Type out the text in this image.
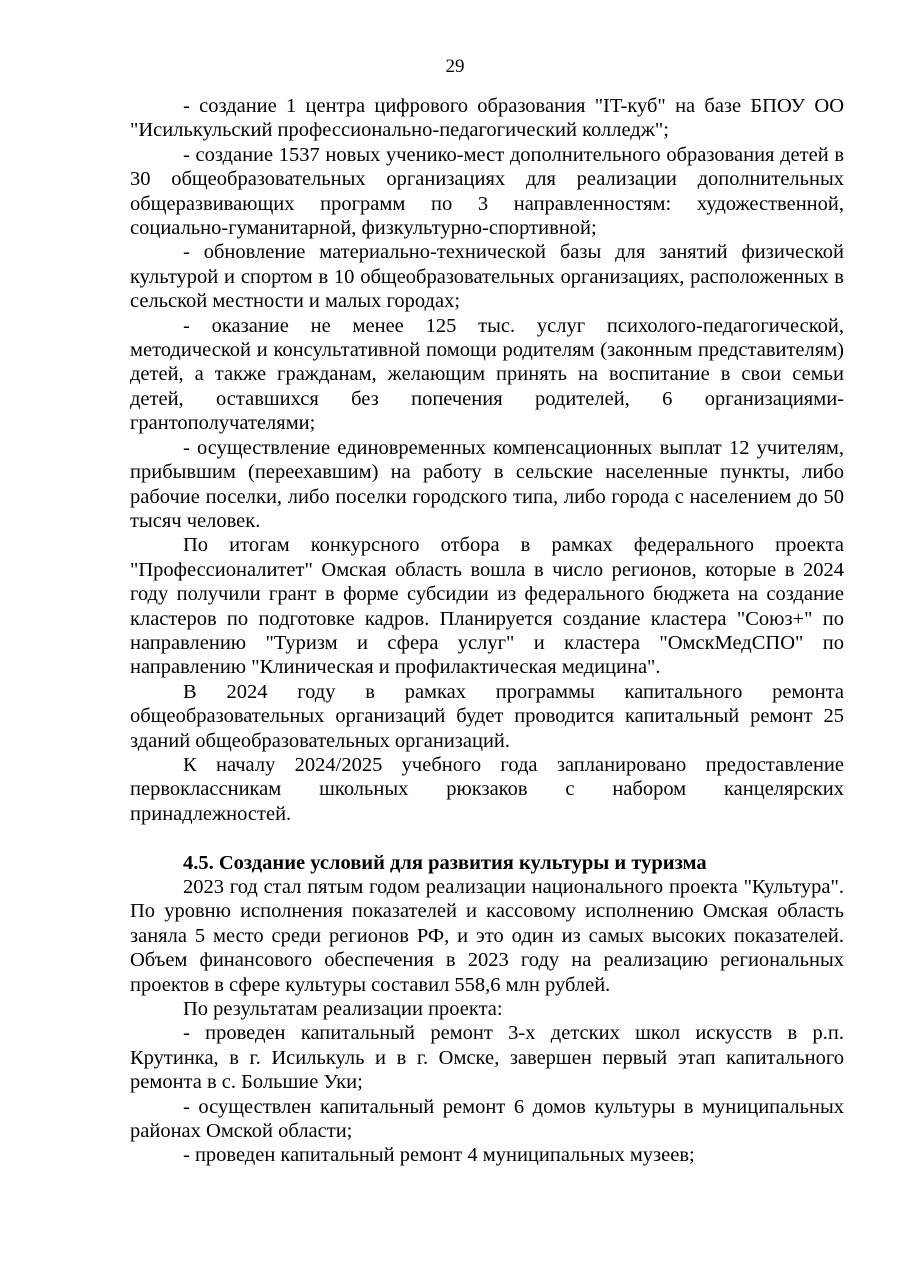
29

- создание 1 центра цифрового образования "IT-куб" на базе БПОУ ОО "Исилькульский профессионально-педагогический колледж";

- создание 1537 новых ученико-мест дополнительного образования детей в 30 общеобразовательных организациях для реализации дополнительных общеразвивающих программ по 3 направленностям: художественной, социально-гуманитарной, физкультурно-спортивной;

- обновление материально-технической базы для занятий физической культурой и спортом в 10 общеобразовательных организациях, расположенных в сельской местности и малых городах;

- оказание не менее 125 тыс. услуг психолого-педагогической, методической и консультативной помощи родителям (законным представителям) детей, а также гражданам, желающим принять на воспитание в свои семьи детей, оставшихся без попечения родителей, 6 организациями-грантополучателями;

- осуществление единовременных компенсационных выплат 12 учителям, прибывшим (переехавшим) на работу в сельские населенные пункты, либо рабочие поселки, либо поселки городского типа, либо города с населением до 50 тысяч человек.

По итогам конкурсного отбора в рамках федерального проекта "Профессионалитет" Омская область вошла в число регионов, которые в 2024 году получили грант в форме субсидии из федерального бюджета на создание кластеров по подготовке кадров. Планируется создание кластера "Союз+" по направлению "Туризм и сфера услуг" и кластера "ОмскМедСПО" по направлению "Клиническая и профилактическая медицина".

В 2024 году в рамках программы капитального ремонта общеобразовательных организаций будет проводится капитальный ремонт 25 зданий общеобразовательных организаций.

К началу 2024/2025 учебного года запланировано предоставление первоклассникам школьных рюкзаков с набором канцелярских принадлежностей.

4.5. Создание условий для развития культуры и туризма

2023 год стал пятым годом реализации национального проекта "Культура". По уровню исполнения показателей и кассовому исполнению Омская область заняла 5 место среди регионов РФ, и это один из самых высоких показателей. Объем финансового обеспечения в 2023 году на реализацию региональных проектов в сфере культуры составил 558,6 млн рублей.

По результатам реализации проекта:

- проведен капитальный ремонт 3-х детских школ искусств в р.п. Крутинка, в г. Исилькуль и в г. Омске, завершен первый этап капитального ремонта в с. Большие Уки;

- осуществлен капитальный ремонт 6 домов культуры в муниципальных районах Омской области;

- проведен капитальный ремонт 4 муниципальных музеев;
